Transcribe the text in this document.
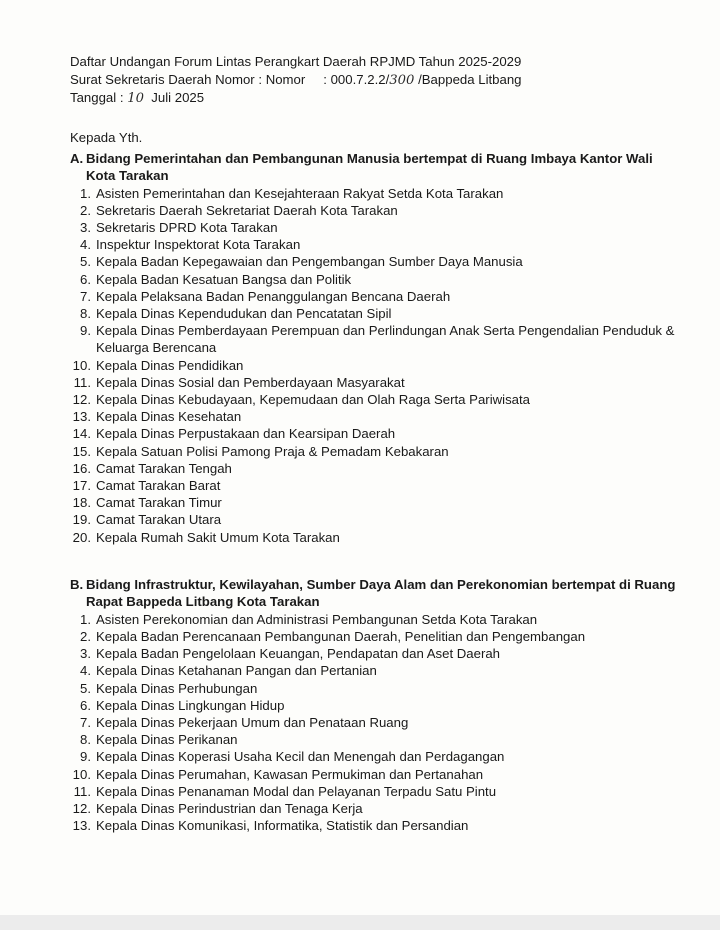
Daftar Undangan Forum Lintas Perangkart Daerah RPJMD Tahun 2025-2029
Surat Sekretaris Daerah Nomor : Nomor : 000.7.2.2/300 /Bappeda Litbang
Tanggal : 10  Juli 2025
Kepada Yth.
A. Bidang Pemerintahan dan Pembangunan Manusia bertempat di Ruang Imbaya Kantor Wali Kota Tarakan
1. Asisten Pemerintahan dan Kesejahteraan Rakyat Setda Kota Tarakan
2. Sekretaris Daerah Sekretariat Daerah Kota Tarakan
3. Sekretaris DPRD Kota Tarakan
4. Inspektur Inspektorat Kota Tarakan
5. Kepala Badan Kepegawaian dan Pengembangan Sumber Daya Manusia
6. Kepala Badan Kesatuan Bangsa dan Politik
7. Kepala Pelaksana Badan Penanggulangan Bencana Daerah
8. Kepala Dinas Kependudukan dan Pencatatan Sipil
9. Kepala Dinas Pemberdayaan Perempuan dan Perlindungan Anak Serta Pengendalian Penduduk & Keluarga Berencana
10. Kepala Dinas Pendidikan
11. Kepala Dinas Sosial dan Pemberdayaan Masyarakat
12. Kepala Dinas Kebudayaan, Kepemudaan dan Olah Raga Serta Pariwisata
13. Kepala Dinas Kesehatan
14. Kepala Dinas Perpustakaan dan Kearsipan Daerah
15. Kepala Satuan Polisi Pamong Praja & Pemadam Kebakaran
16. Camat Tarakan Tengah
17. Camat Tarakan Barat
18. Camat Tarakan Timur
19. Camat Tarakan Utara
20. Kepala Rumah Sakit Umum Kota Tarakan
B. Bidang Infrastruktur, Kewilayahan, Sumber Daya Alam dan Perekonomian bertempat di Ruang Rapat Bappeda Litbang Kota Tarakan
1. Asisten Perekonomian dan Administrasi Pembangunan Setda Kota Tarakan
2. Kepala Badan Perencanaan Pembangunan Daerah, Penelitian dan Pengembangan
3. Kepala Badan Pengelolaan Keuangan, Pendapatan dan Aset Daerah
4. Kepala Dinas Ketahanan Pangan dan Pertanian
5. Kepala Dinas Perhubungan
6. Kepala Dinas Lingkungan Hidup
7. Kepala Dinas Pekerjaan Umum dan Penataan Ruang
8. Kepala Dinas Perikanan
9. Kepala Dinas Koperasi Usaha Kecil dan Menengah dan Perdagangan
10. Kepala Dinas Perumahan, Kawasan Permukiman dan Pertanahan
11. Kepala Dinas Penanaman Modal dan Pelayanan Terpadu Satu Pintu
12. Kepala Dinas Perindustrian dan Tenaga Kerja
13. Kepala Dinas Komunikasi, Informatika, Statistik dan Persandian
